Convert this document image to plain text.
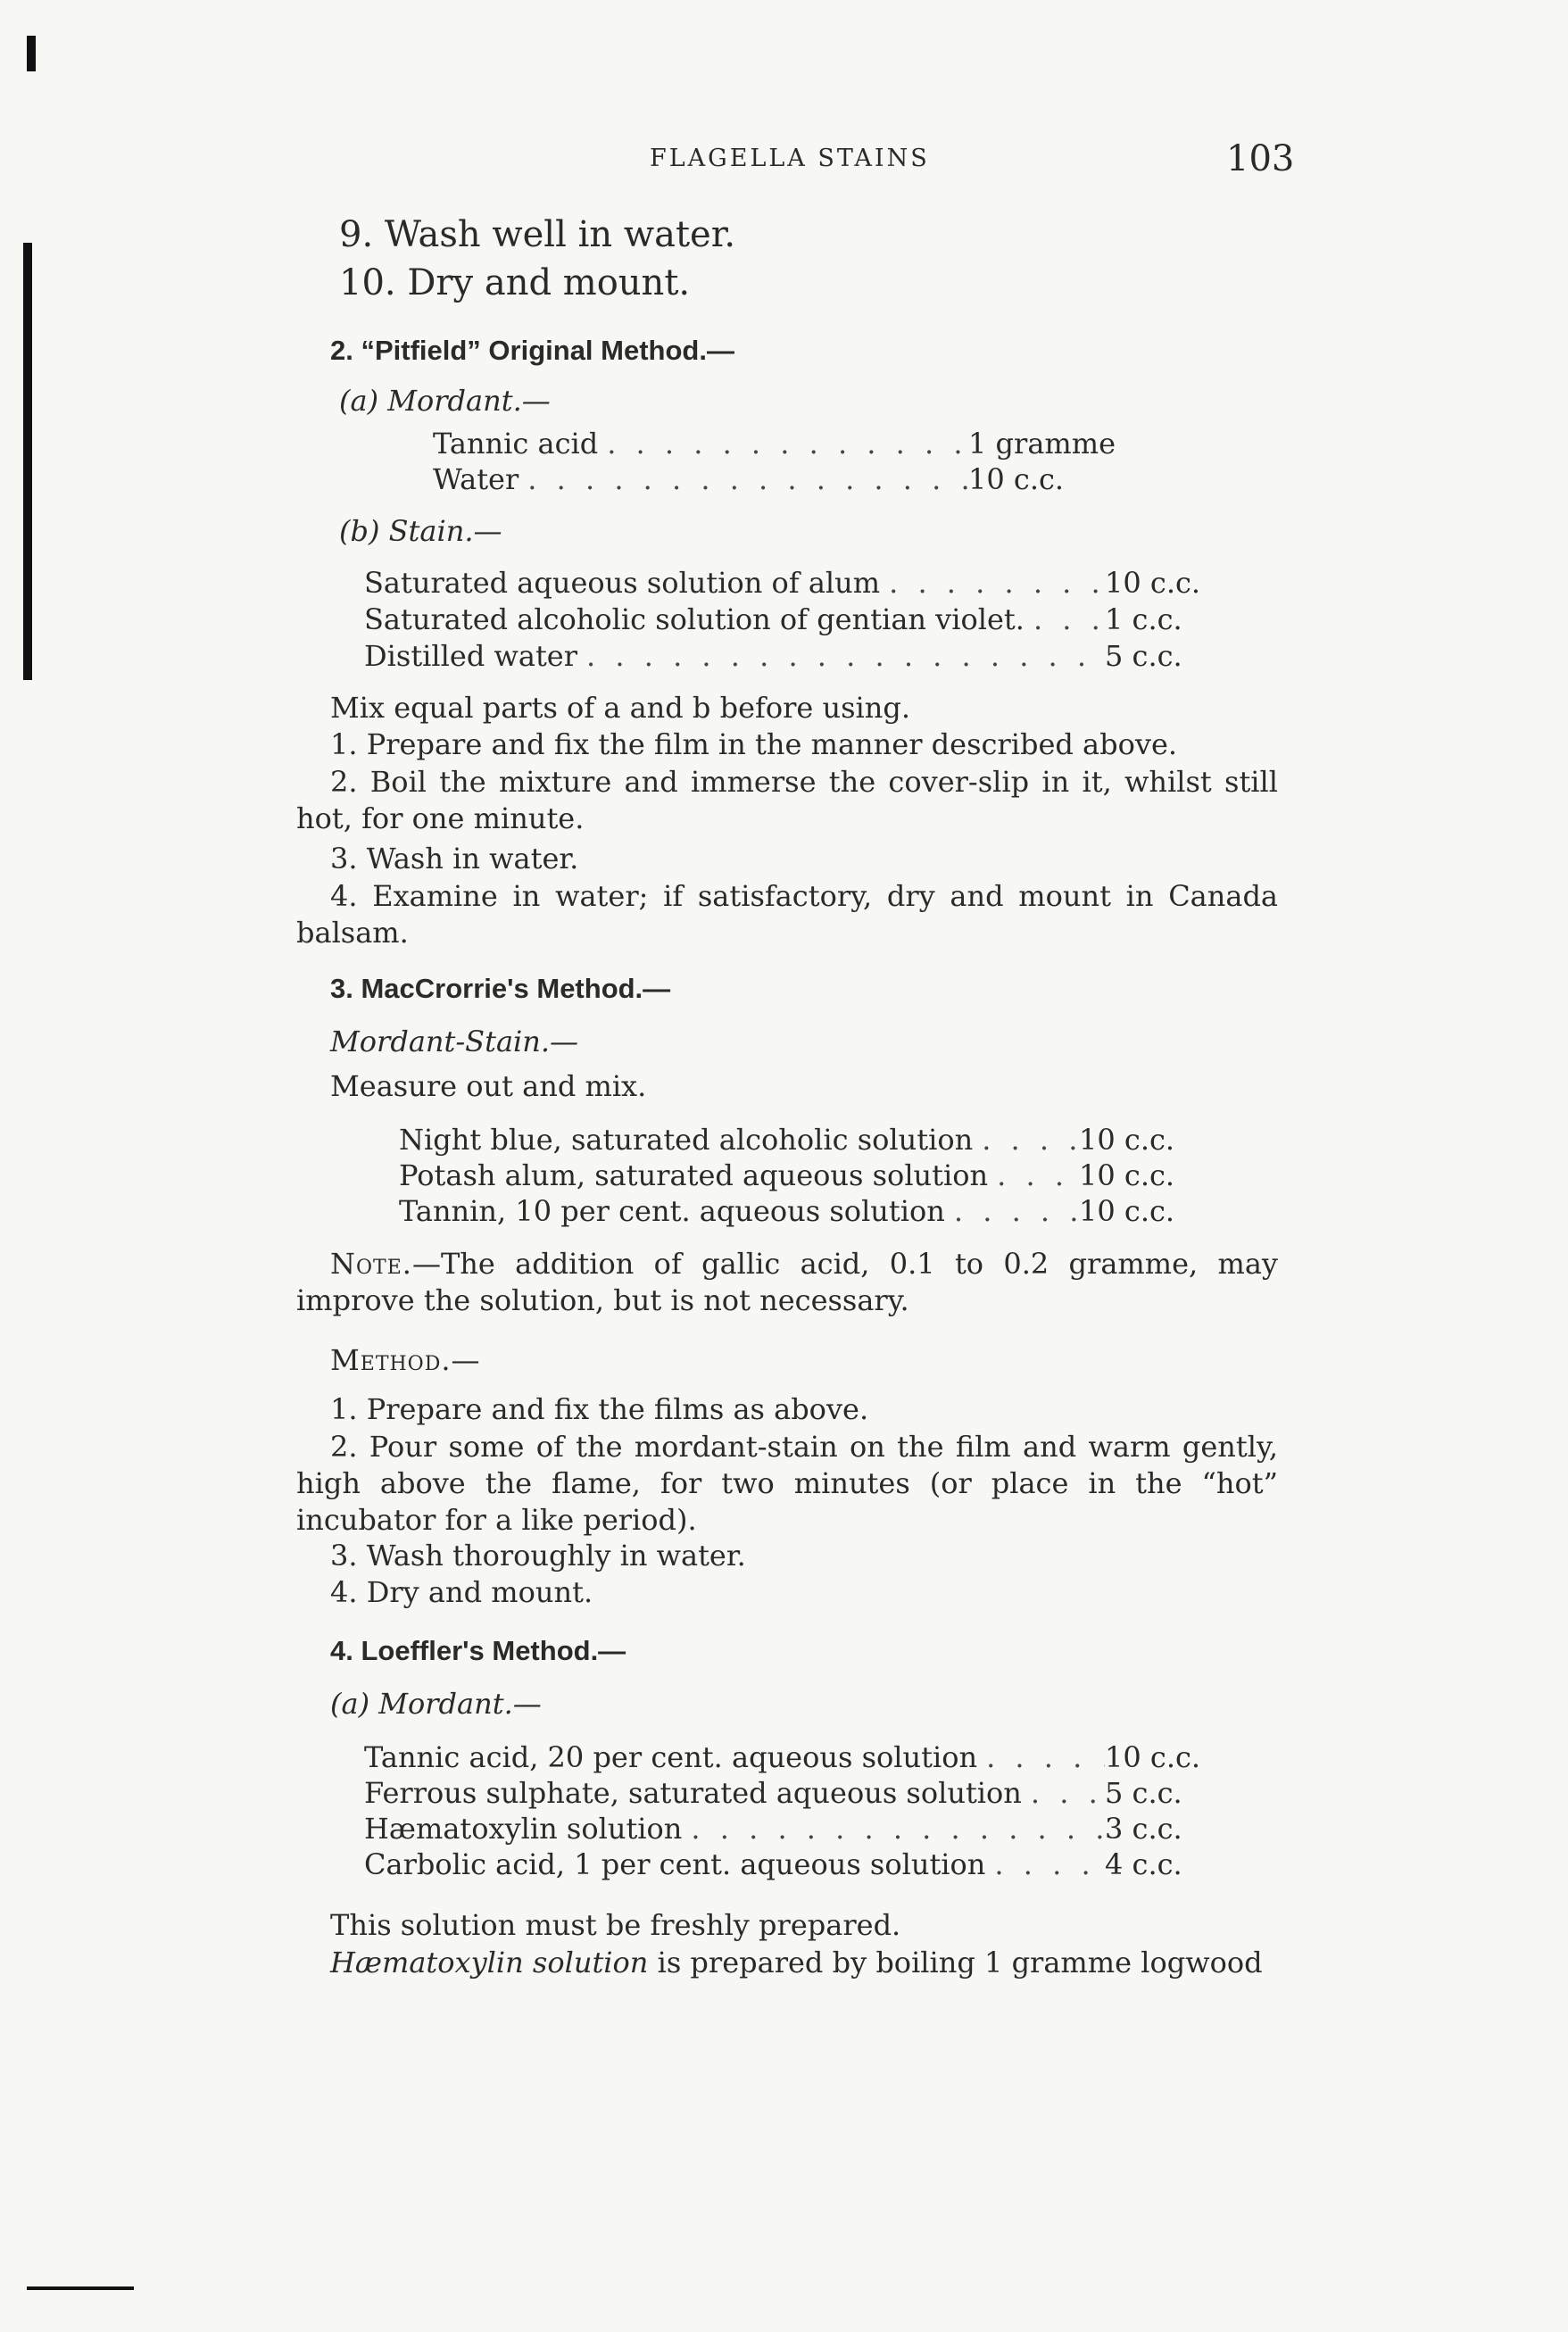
FLAGELLA STAINS	103
9. Wash well in water.
10. Dry and mount.
2. “Pitfield” Original Method.—
(a) Mordant.—
Tannic acid . . .	1 gramme
Water . . .	10 c.c.
(b) Stain.—
Saturated aqueous solution of alum . . .	10 c.c.
Saturated alcoholic solution of gentian violet. . . .	1 c.c.
Distilled water . . .	5 c.c.
Mix equal parts of a and b before using.
1. Prepare and fix the film in the manner described above.
2. Boil the mixture and immerse the cover-slip in it, whilst still hot, for one minute.
3. Wash in water.
4. Examine in water; if satisfactory, dry and mount in Canada balsam.
3. MacCrorrie's Method.—
Mordant-Stain.—
Measure out and mix.
Night blue, saturated alcoholic solution . . .	10 c.c.
Potash alum, saturated aqueous solution . . .	10 c.c.
Tannin, 10 per cent. aqueous solution . . .	10 c.c.
Note.—The addition of gallic acid, 0.1 to 0.2 gramme, may improve the solution, but is not necessary.
Method.—
1. Prepare and fix the films as above.
2. Pour some of the mordant-stain on the film and warm gently, high above the flame, for two minutes (or place in the “hot” incubator for a like period).
3. Wash thoroughly in water.
4. Dry and mount.
4. Loeffler's Method.—
(a) Mordant.—
Tannic acid, 20 per cent. aqueous solution . . .	10 c.c.
Ferrous sulphate, saturated aqueous solution . . .	5 c.c.
Hæmatoxylin solution . . .	3 c.c.
Carbolic acid, 1 per cent. aqueous solution . . .	4 c.c.
This solution must be freshly prepared.
Hæmatoxylin solution is prepared by boiling 1 gramme logwood
